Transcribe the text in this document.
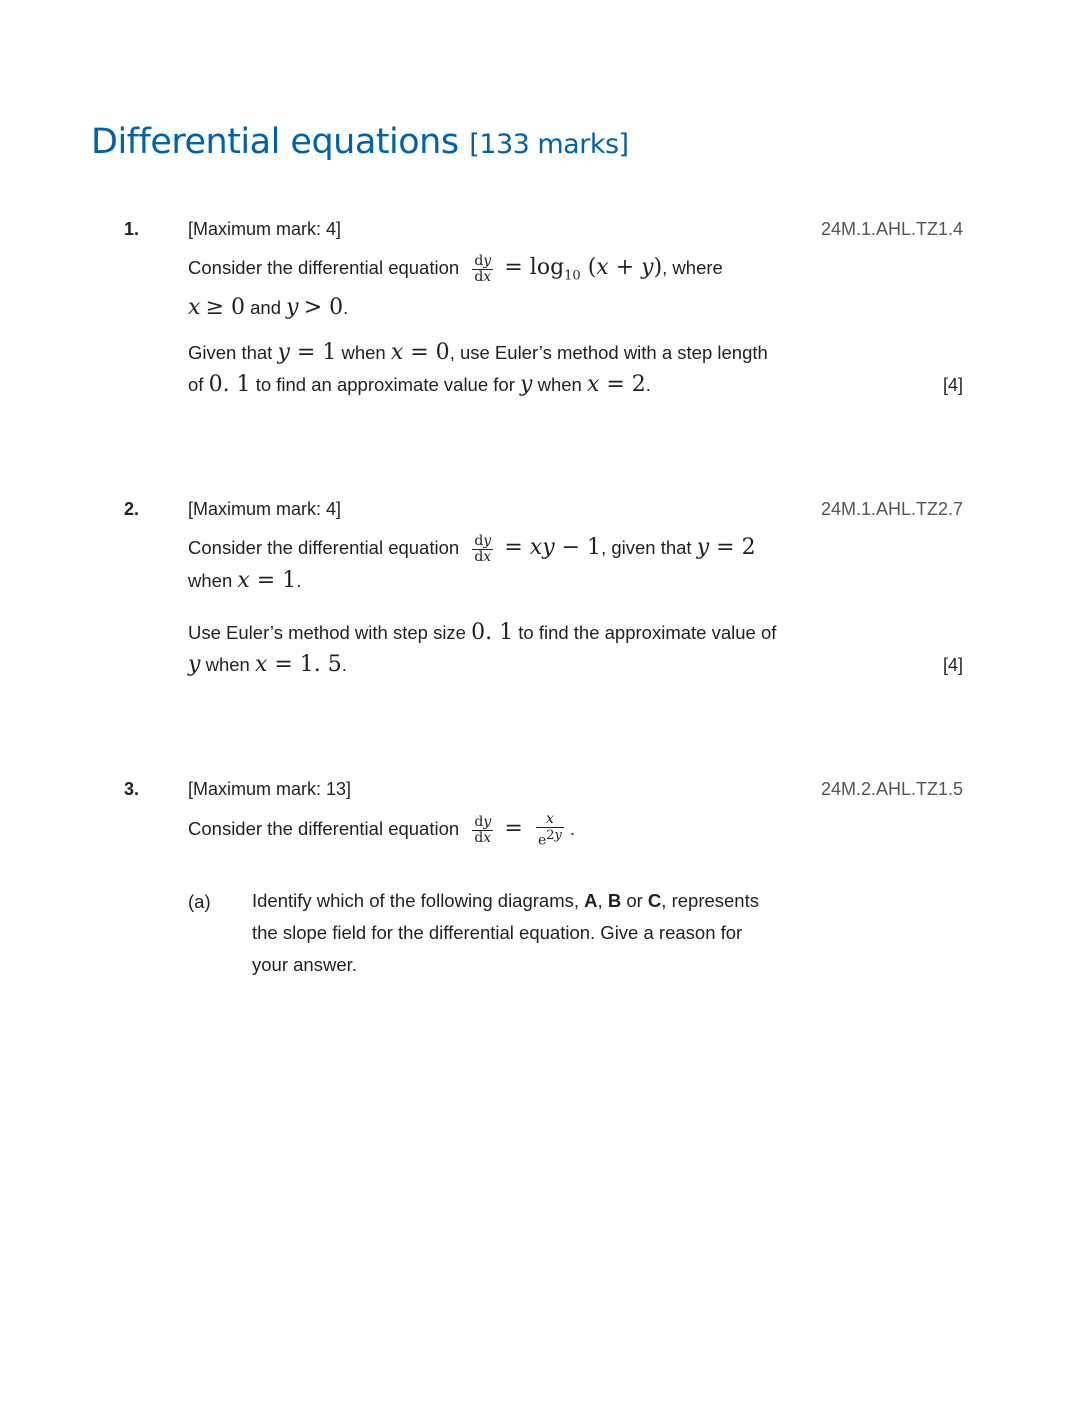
Differential equations [133 marks]
1.	[Maximum mark: 4]	24M.1.AHL.TZ1.4
Consider the differential equation $\frac{dy}{dx} = \log_{10} (x + y)$, where
x ≥ 0 and y > 0.
Given that y = 1 when x = 0, use Euler’s method with a step length
of 0. 1 to find an approximate value for y when x = 2.	[4]
2.	[Maximum mark: 4]	24M.1.AHL.TZ2.7
Consider the differential equation $\frac{dy}{dx}$ = xy − 1, given that y = 2
when x = 1.
Use Euler’s method with step size 0. 1 to find the approximate value of
y when x = 1. 5.	[4]
3.	[Maximum mark: 13]	24M.2.AHL.TZ1.5
Consider the differential equation $\frac{dy}{dx} = \frac{x}{e^{2y}}$ .
(a) Identify which of the following diagrams, A, B or C, represents
the slope field for the differential equation. Give a reason for
your answer.
